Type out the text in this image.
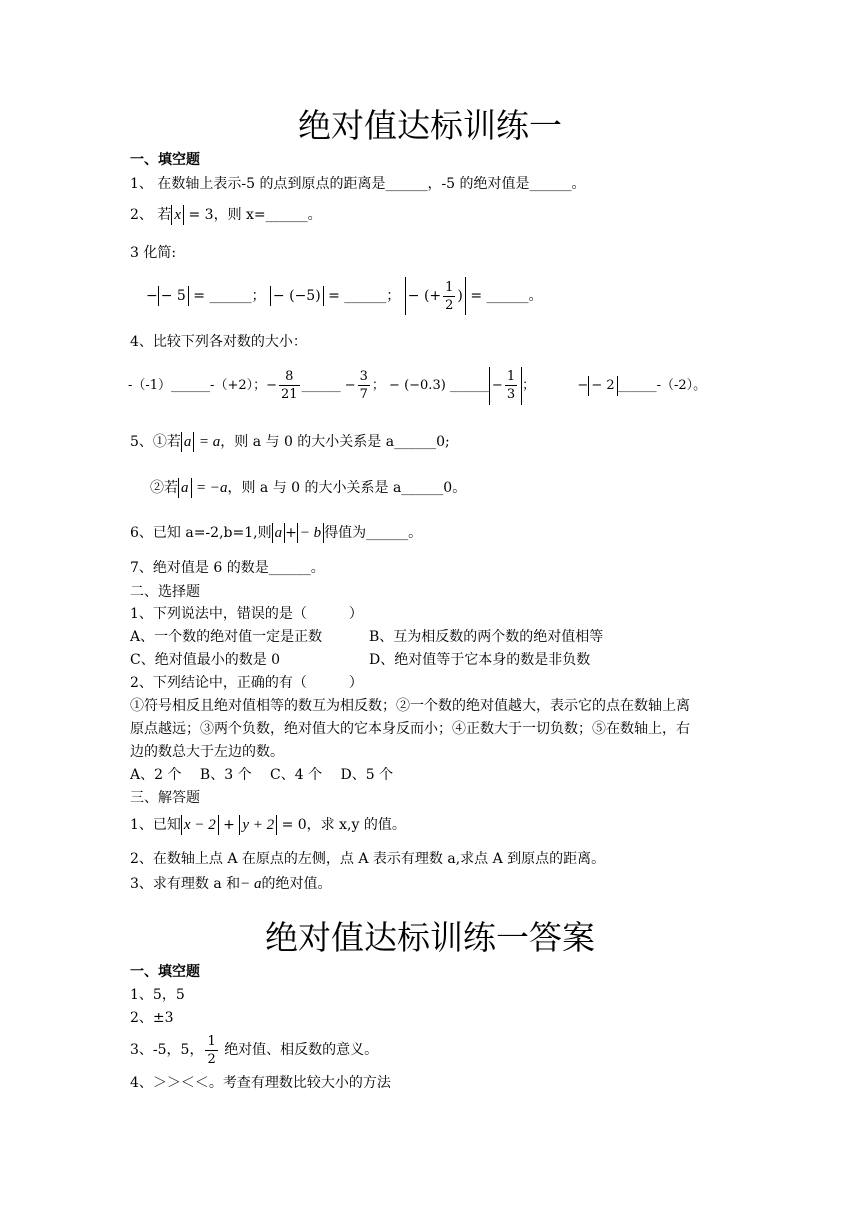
绝对值达标训练一

一、填空题

1、 在数轴上表示-5 的点到原点的距离是______，-5 的绝对值是______。

2、 若 x = 3，则 x=______。

3 化简:

− − 5 = ______； − (−5) = ______； − (+ $\frac{1}{2}$ ) = ______。

4、比较下列各对数的大小：

-（-1）______-（+2）；− $\frac{8}{21}$ ______ − $\frac{3}{7}$ ； − (−0.3) ______ − $\frac{1}{3}$ ；	− − 2 ______-（-2）。

5、①若 a = a，则 a 与 0 的大小关系是 a______0;

②若 a = −a，则 a 与 0 的大小关系是 a______0。

6、已知 a=-2,b=1,则 a + − b 得值为______。

7、绝对值是 6 的数是______。

二、选择题

1、下列说法中，错误的是（　　　）

A、一个数的绝对值一定是正数	B、互为相反数的两个数的绝对值相等

C、绝对值最小的数是 0	D、绝对值等于它本身的数是非负数

2、下列结论中，正确的有（　　　）

①符号相反且绝对值相等的数互为相反数；②一个数的绝对值越大，表示它的点在数轴上离

原点越远；③两个负数，绝对值大的它本身反而小；④正数大于一切负数；⑤在数轴上，右

边的数总大于左边的数。

A、2 个　 B、3 个　 C、4 个　 D、5 个

三、解答题

1、已知 x − 2 + y + 2 = 0，求 x,y 的值。

2、在数轴上点 A 在原点的左侧，点 A 表示有理数 a,求点 A 到原点的距离。

3、求有理数 a 和− a的绝对值。

绝对值达标训练一答案

一、填空题

1、5，5

2、±3

3、-5，5， $\frac{1}{2}$ 绝对值、相反数的意义。

4、＞＞＜＜。考查有理数比较大小的方法
